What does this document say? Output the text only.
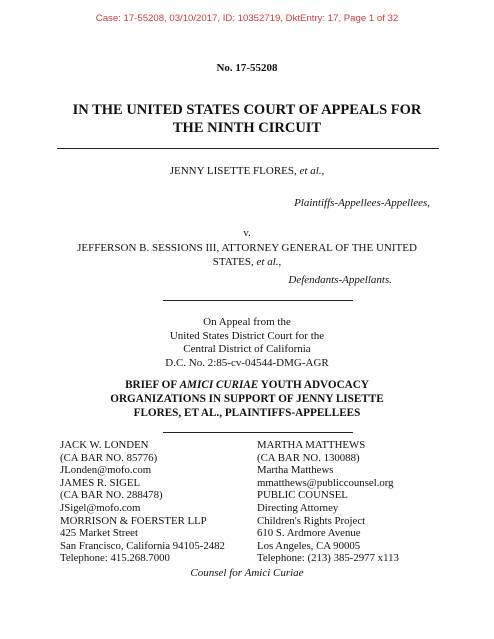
Case: 17-55208, 03/10/2017, ID: 10352719, DktEntry: 17, Page 1 of 32
No. 17-55208
IN THE UNITED STATES COURT OF APPEALS FOR
THE NINTH CIRCUIT
JENNY LISETTE FLORES, et al.,
Plaintiffs-Appellees-Appellees,
v.
JEFFERSON B. SESSIONS III, ATTORNEY GENERAL OF THE UNITED
STATES, et al.,
Defendants-Appellants.
On Appeal from the
United States District Court for the
Central District of California
D.C. No. 2:85-cv-04544-DMG-AGR
BRIEF OF AMICI CURIAE YOUTH ADVOCACY
ORGANIZATIONS IN SUPPORT OF JENNY LISETTE
FLORES, ET AL., PLAINTIFFS-APPELLEES
JACK W. LONDEN
(CA BAR NO. 85776)
JLonden@mofo.com
JAMES R. SIGEL
(CA BAR NO. 288478)
JSigel@mofo.com
MORRISON & FOERSTER LLP
425 Market Street
San Francisco, California 94105-2482
Telephone: 415.268.7000
MARTHA MATTHEWS
(CA BAR NO. 130088)
Martha Matthews
mmatthews@publiccounsel.org
PUBLIC COUNSEL
Directing Attorney
Children's Rights Project
610 S. Ardmore Avenue
Los Angeles, CA 90005
Telephone: (213) 385-2977 x113
Counsel for Amici Curiae
